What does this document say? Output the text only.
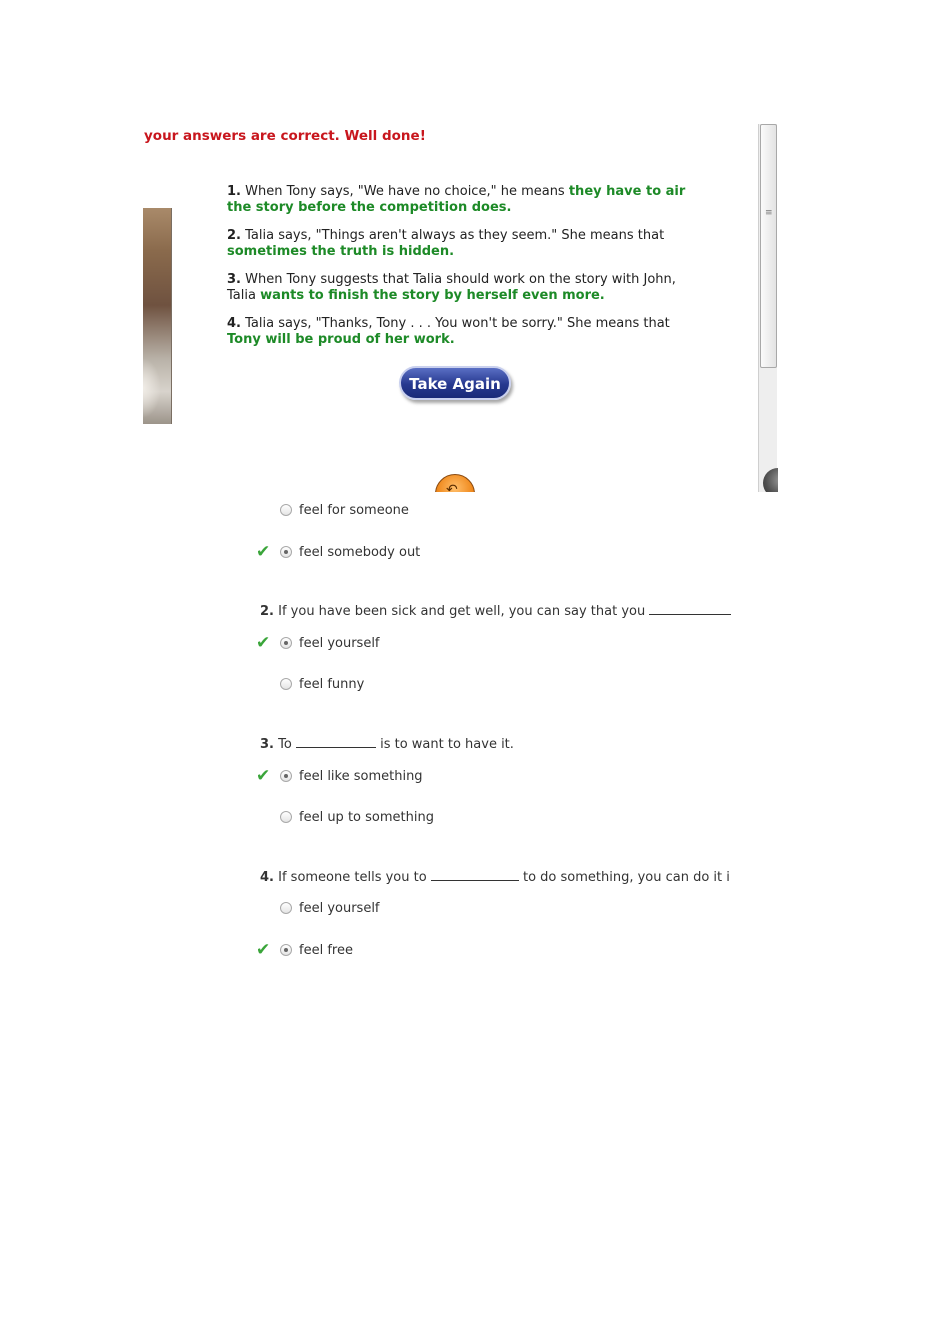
your answers are correct. Well done!

1. When Tony says, "We have no choice," he means they have to air the story before the competition does.

2. Talia says, "Things aren't always as they seem." She means that sometimes the truth is hidden.

3. When Tony suggests that Talia should work on the story with John, Talia wants to finish the story by herself even more.

4. Talia says, "Thanks, Tony . . . You won't be sorry." She means that Tony will be proud of her work.

Take Again
↶
≡
feel for someone
✔	feel somebody out
2. If you have been sick and get well, you can say that you
✔	feel yourself
feel funny
3. To	is to want to have it.
✔	feel like something
feel up to something
4. If someone tells you to	to do something, you can do it i
feel yourself
✔	feel free
